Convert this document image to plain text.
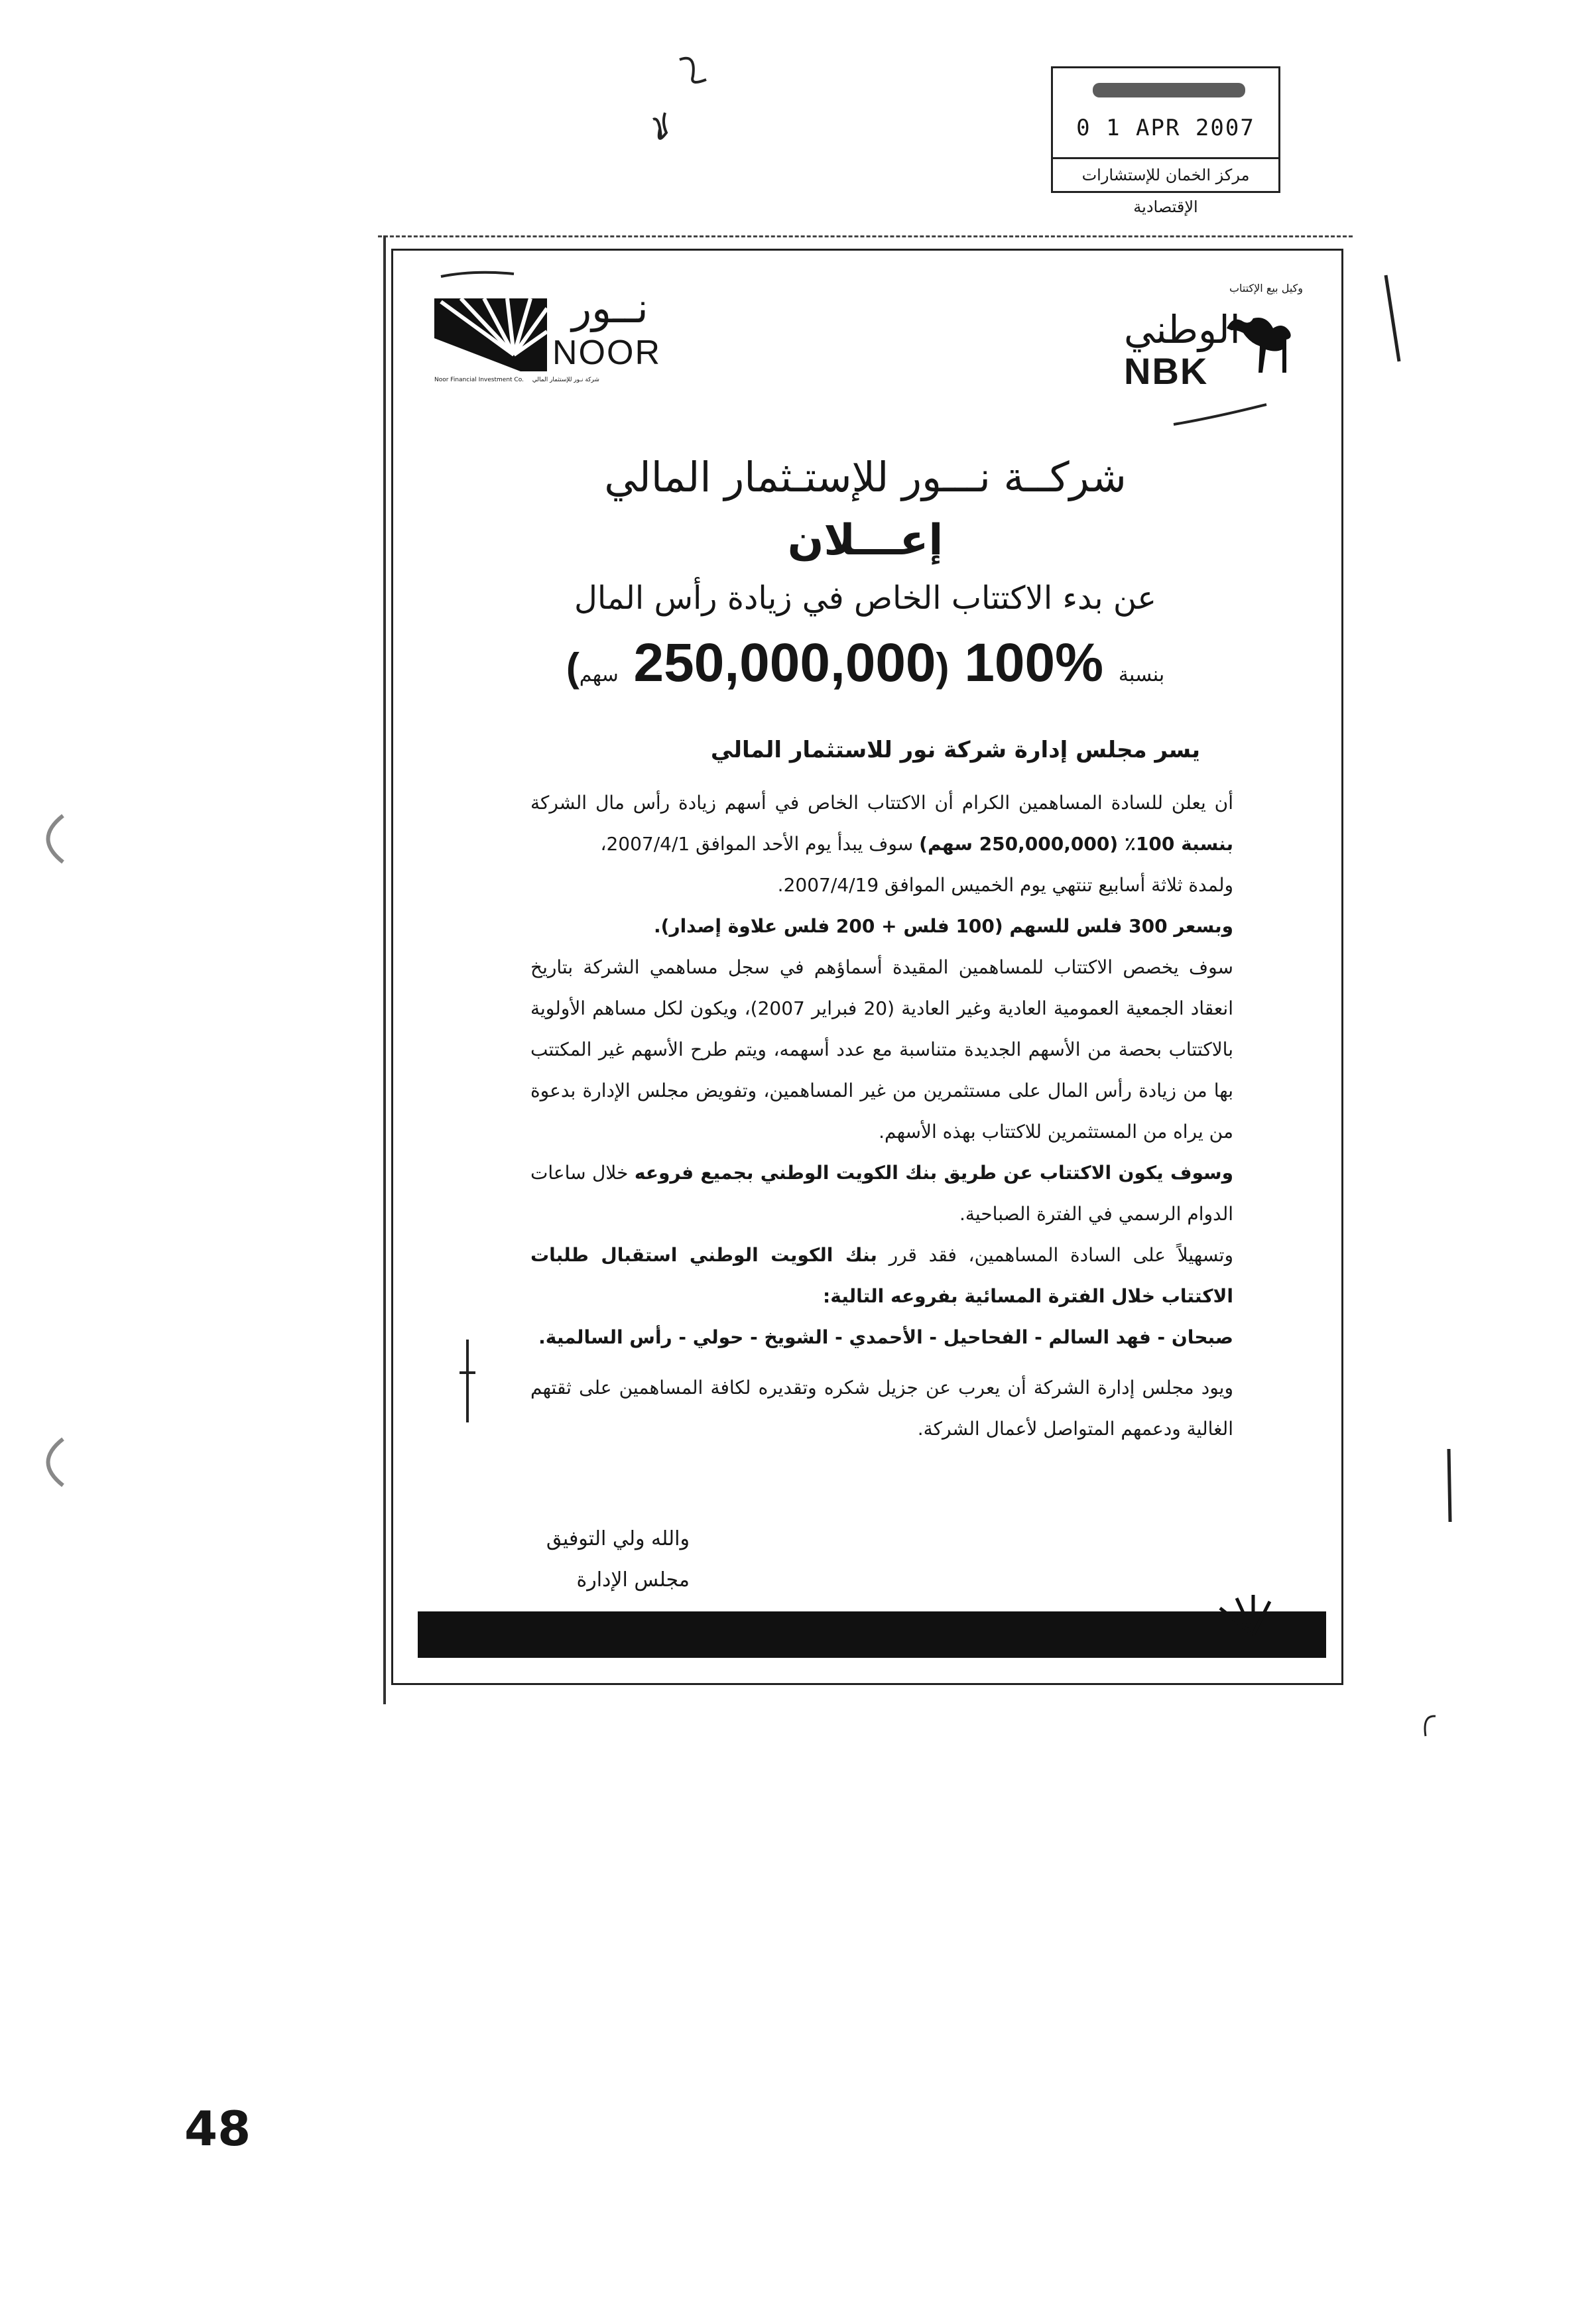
0 1 APR 2007
مركز الخمان للإستشارات الإقتصادية
نــور
NOOR
Noor Financial Investment Co. شركة نـور للإستثمار المالي
وكيل بيع الإكتتاب
الوطني
NBK
شركــة نـــور للإستـثمار المالي
إعـــلان
عن بدء الاكتتاب الخاص في زيادة رأس المال
بنسبة %100 (250,000,000 سهم)

يسر مجلس إدارة شركة نور للاستثمار المالي

أن يعلن للسادة المساهمين الكرام أن الاكتتاب الخاص في أسهم زيادة رأس مال الشركة بنسبة 100٪ (250,000,000 سهم) سوف يبدأ يوم الأحد الموافق 2007/4/1،

ولمدة ثلاثة أسابيع تنتهي يوم الخميس الموافق 2007/4/19.

وبسعر 300 فلس للسهم (100 فلس + 200 فلس علاوة إصدار).

سوف يخصص الاكتتاب للمساهمين المقيدة أسماؤهم في سجل مساهمي الشركة بتاريخ انعقاد الجمعية العمومية العادية وغير العادية (20 فبراير 2007)، ويكون لكل مساهم الأولوية بالاكتتاب بحصة من الأسهم الجديدة متناسبة مع عدد أسهمه، ويتم طرح الأسهم غير المكتتب بها من زيادة رأس المال على مستثمرين من غير المساهمين، وتفويض مجلس الإدارة بدعوة من يراه من المستثمرين للاكتتاب بهذه الأسهم.

وسوف يكون الاكتتاب عن طريق بنك الكويت الوطني بجميع فروعه خلال ساعات الدوام الرسمي في الفترة الصباحية.

وتسهيلاً على السادة المساهمين، فقد قرر بنك الكويت الوطني استقبال طلبات الاكتتاب خلال الفترة المسائية بفروعه التالية:

صبحان - فهد السالم - الفحاحيل - الأحمدي - الشويخ - حولي - رأس السالمية.

ويود مجلس إدارة الشركة أن يعرب عن جزيل شكره وتقديره لكافة المساهمين على ثقتهم الغالية ودعمهم المتواصل لأعمال الشركة.

والله ولي التوفيق
مجلس الإدارة
48
